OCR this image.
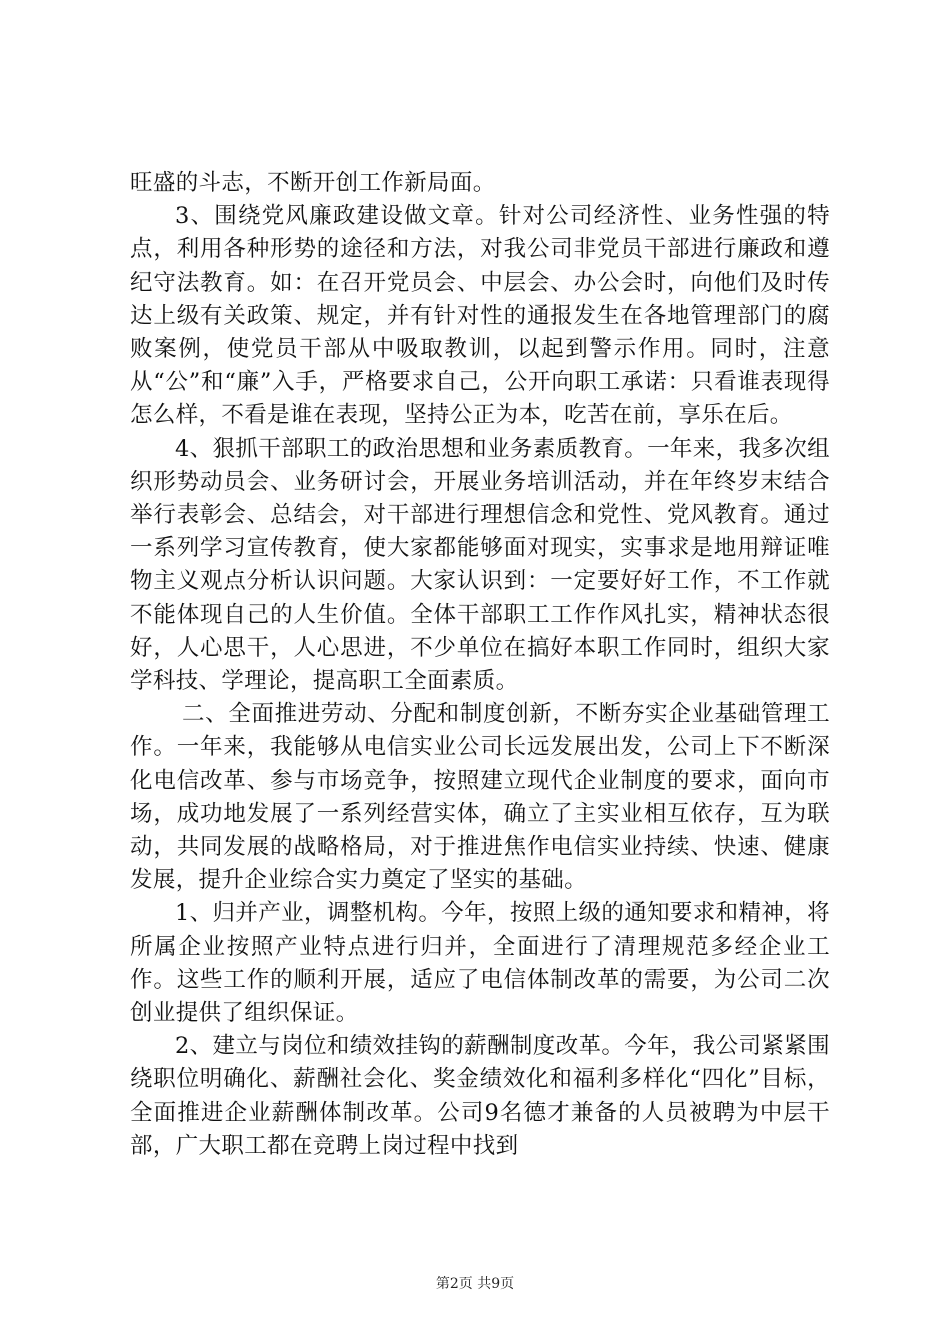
旺盛的斗志，不断开创工作新局面。

3、围绕党风廉政建设做文章。针对公司经济性、业务性强的特点，利用各种形势的途径和方法，对我公司非党员干部进行廉政和遵纪守法教育。如：在召开党员会、中层会、办公会时，向他们及时传达上级有关政策、规定，并有针对性的通报发生在各地管理部门的腐败案例，使党员干部从中吸取教训，以起到警示作用。同时，注意从“公”和“廉”入手，严格要求自己，公开向职工承诺：只看谁表现得怎么样，不看是谁在表现，坚持公正为本，吃苦在前，享乐在后。

4、狠抓干部职工的政治思想和业务素质教育。一年来，我多次组织形势动员会、业务研讨会，开展业务培训活动，并在年终岁末结合举行表彰会、总结会，对干部进行理想信念和党性、党风教育。通过一系列学习宣传教育，使大家都能够面对现实，实事求是地用辩证唯物主义观点分析认识问题。大家认识到：一定要好好工作，不工作就不能体现自己的人生价值。全体干部职工工作作风扎实，精神状态很好，人心思干，人心思进，不少单位在搞好本职工作同时，组织大家学科技、学理论，提高职工全面素质。

二、全面推进劳动、分配和制度创新，不断夯实企业基础管理工作。一年来，我能够从电信实业公司长远发展出发，公司上下不断深化电信改革、参与市场竞争，按照建立现代企业制度的要求，面向市场，成功地发展了一系列经营实体，确立了主实业相互依存，互为联动，共同发展的战略格局，对于推进焦作电信实业持续、快速、健康发展，提升企业综合实力奠定了坚实的基础。

1、归并产业，调整机构。今年，按照上级的通知要求和精神，将所属企业按照产业特点进行归并，全面进行了清理规范多经企业工作。这些工作的顺利开展，适应了电信体制改革的需要，为公司二次创业提供了组织保证。

2、建立与岗位和绩效挂钩的薪酬制度改革。今年，我公司紧紧围绕职位明确化、薪酬社会化、奖金绩效化和福利多样化“四化”目标，全面推进企业薪酬体制改革。公司9名德才兼备的人员被聘为中层干部，广大职工都在竞聘上岗过程中找到

第2页 共9页
